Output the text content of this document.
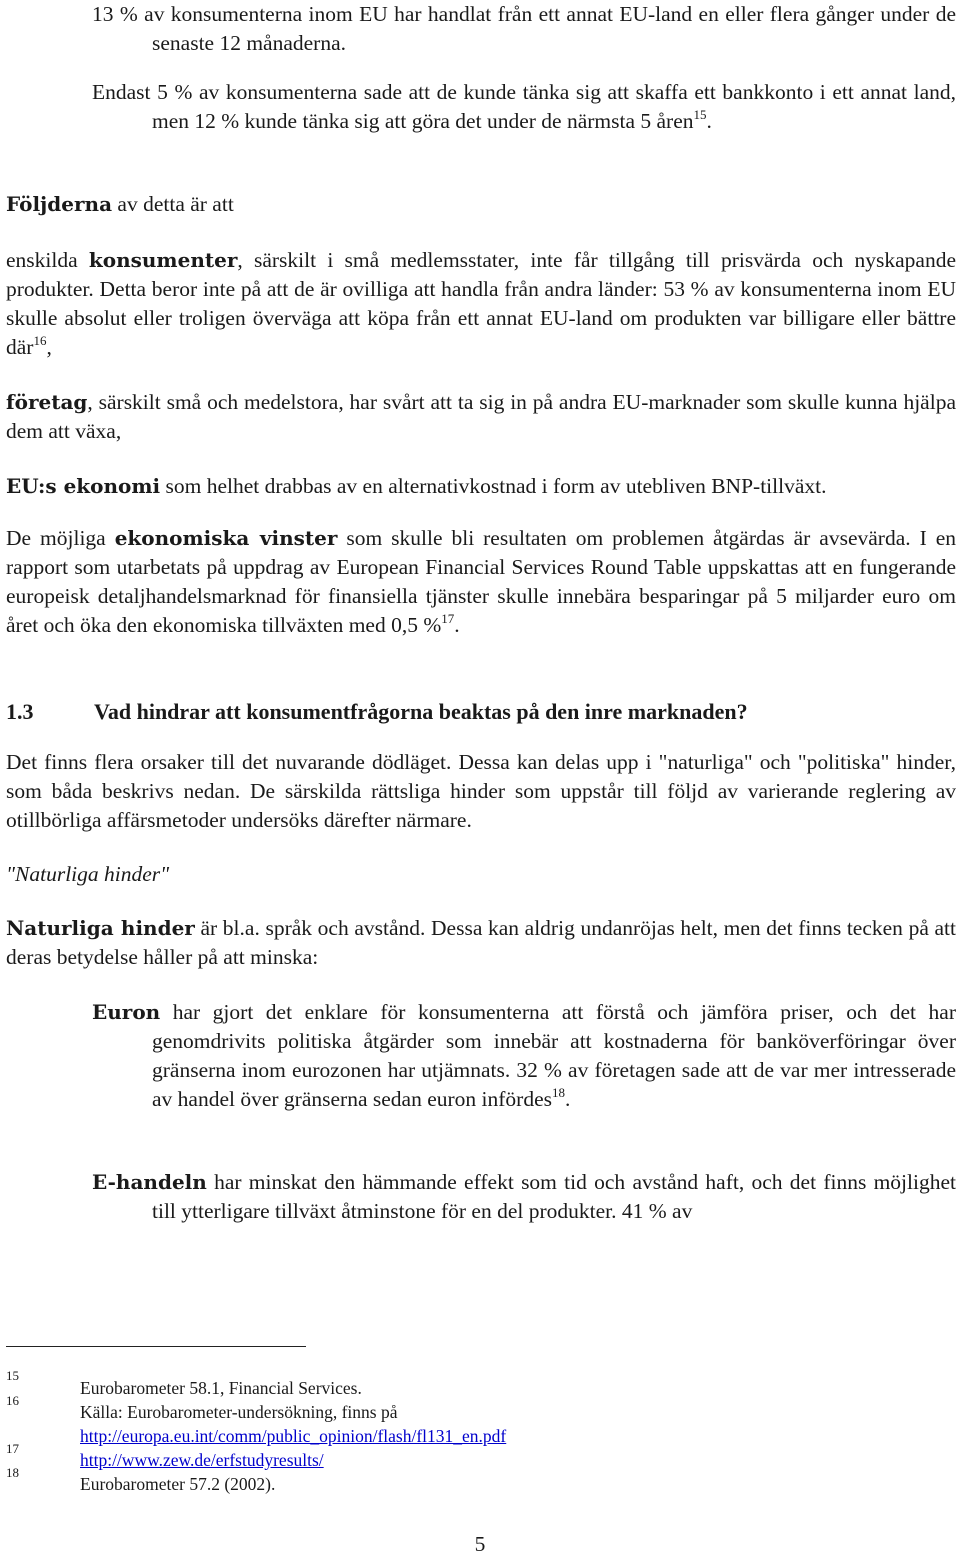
13 % av konsumenterna inom EU har handlat från ett annat EU-land en eller flera gånger under de senaste 12 månaderna.

Endast 5 % av konsumenterna sade att de kunde tänka sig att skaffa ett bankkonto i ett annat land, men 12 % kunde tänka sig att göra det under de närmsta 5 åren$^{15}$.

Följderna av detta är att

enskilda konsumenter, särskilt i små medlemsstater, inte får tillgång till prisvärda och nyskapande produkter. Detta beror inte på att de är ovilliga att handla från andra länder: 53 % av konsumenterna inom EU skulle absolut eller troligen överväga att köpa från ett annat EU-land om produkten var billigare eller bättre där$^{16}$,

företag, särskilt små och medelstora, har svårt att ta sig in på andra EU-marknader som skulle kunna hjälpa dem att växa,

EU:s ekonomi som helhet drabbas av en alternativkostnad i form av utebliven BNP-tillväxt.

De möjliga ekonomiska vinster som skulle bli resultaten om problemen åtgärdas är avsevärda. I en rapport som utarbetats på uppdrag av European Financial Services Round Table uppskattas att en fungerande europeisk detaljhandelsmarknad för finansiella tjänster skulle innebära besparingar på 5 miljarder euro om året och öka den ekonomiska tillväxten med 0,5 %$^{17}$.

1.3	Vad hindrar att konsumentfrågorna beaktas på den inre marknaden?

Det finns flera orsaker till det nuvarande dödläget. Dessa kan delas upp i "naturliga" och "politiska" hinder, som båda beskrivs nedan. De särskilda rättsliga hinder som uppstår till följd av varierande reglering av otillbörliga affärsmetoder undersöks därefter närmare.

"Naturliga hinder"

Naturliga hinder är bl.a. språk och avstånd. Dessa kan aldrig undanröjas helt, men det finns tecken på att deras betydelse håller på att minska:

Euron har gjort det enklare för konsumenterna att förstå och jämföra priser, och det har genomdrivits politiska åtgärder som innebär att kostnaderna för banköverföringar över gränserna inom eurozonen har utjämnats. 32 % av företagen sade att de var mer intresserade av handel över gränserna sedan euron infördes$^{18}$.

E-handeln har minskat den hämmande effekt som tid och avstånd haft, och det finns möjlighet till ytterligare tillväxt åtminstone för en del produkter. 41 % av

15
Eurobarometer 58.1, Financial Services.
16
Källa: Eurobarometer-undersökning, finns på
http://europa.eu.int/comm/public_opinion/flash/fl131_en.pdf
17
http://www.zew.de/erfstudyresults/
18
Eurobarometer 57.2 (2002).
5
